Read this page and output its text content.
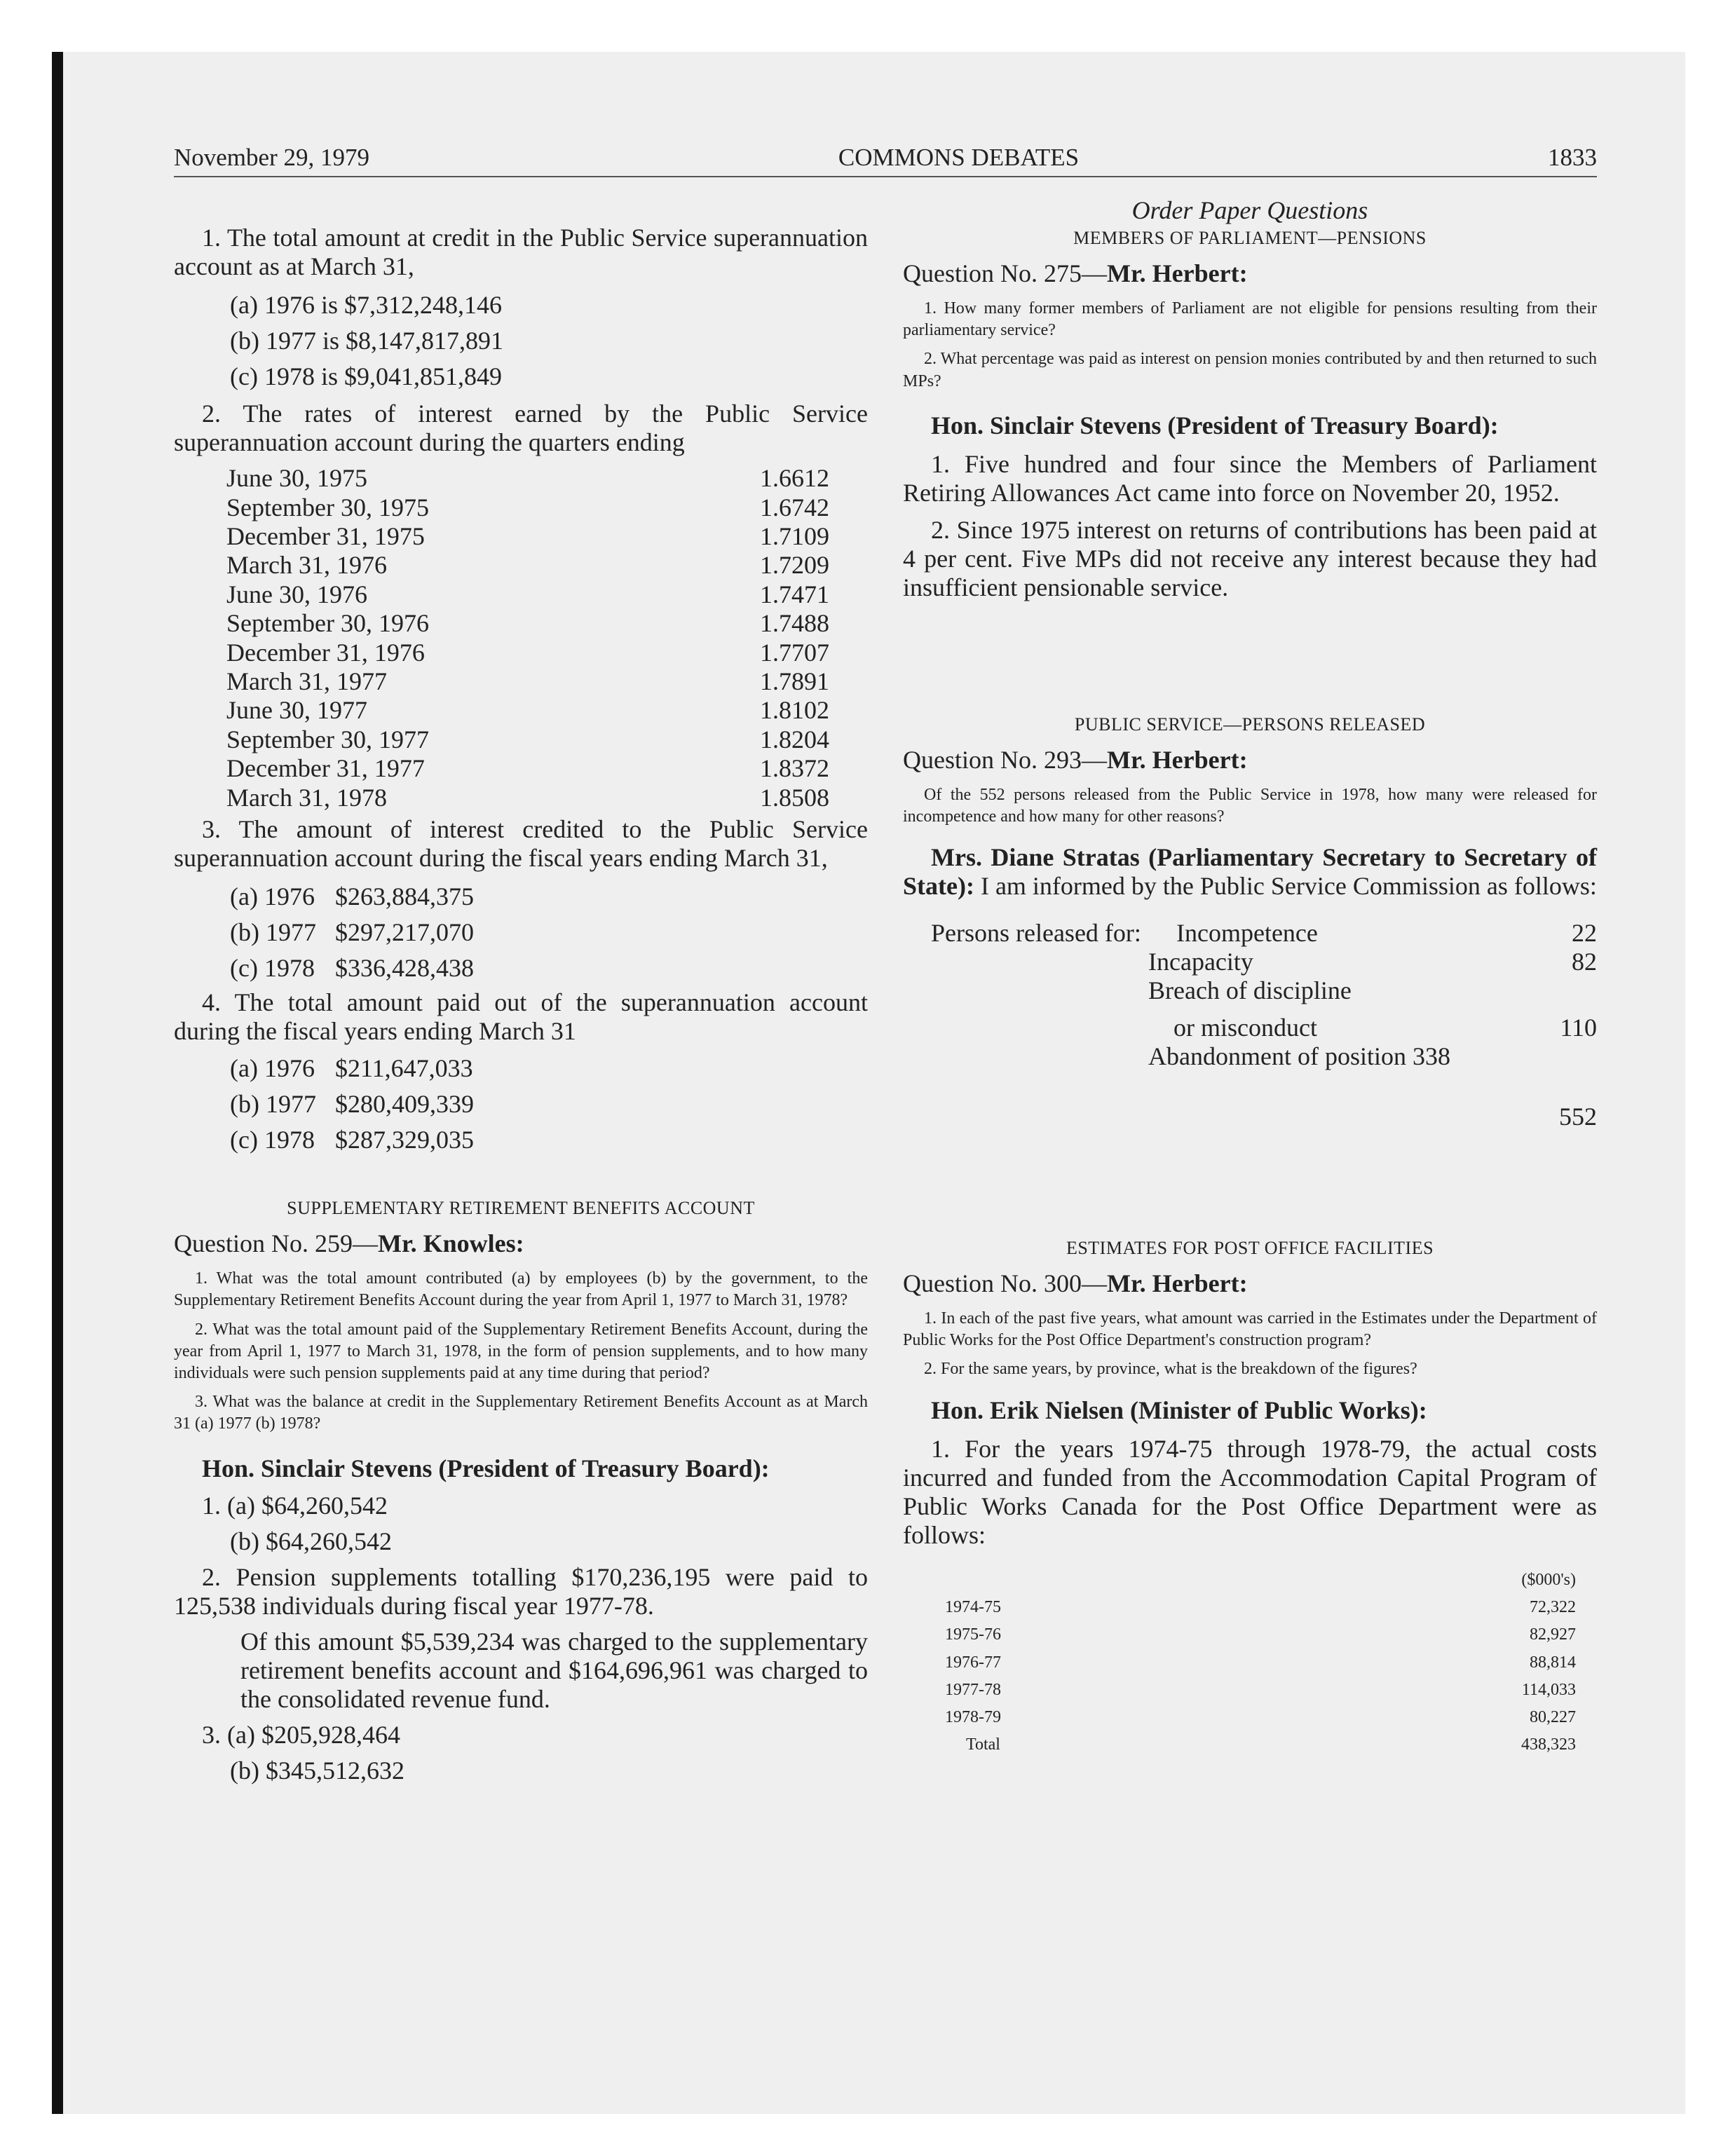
November 29, 1979	COMMONS DEBATES	1833

1. The total amount at credit in the Public Service superannuation account as at March 31,

(a) 1976 is $7,312,248,146

(b) 1977 is $8,147,817,891

(c) 1978 is $9,041,851,849

2. The rates of interest earned by the Public Service superannuation account during the quarters ending

June 30, 1975	1.6612
September 30, 1975	1.6742
December 31, 1975	1.7109
March 31, 1976	1.7209
June 30, 1976	1.7471
September 30, 1976	1.7488
December 31, 1976	1.7707
March 31, 1977	1.7891
June 30, 1977	1.8102
September 30, 1977	1.8204
December 31, 1977	1.8372
March 31, 1978	1.8508

3. The amount of interest credited to the Public Service superannuation account during the fiscal years ending March 31,

(a) 1976 $263,884,375
(b) 1977 $297,217,070
(c) 1978 $336,428,438

4. The total amount paid out of the superannuation account during the fiscal years ending March 31

(a) 1976 $211,647,033
(b) 1977 $280,409,339
(c) 1978 $287,329,035

SUPPLEMENTARY RETIREMENT BENEFITS ACCOUNT

Question No. 259—Mr. Knowles:

1. What was the total amount contributed (a) by employees (b) by the government, to the Supplementary Retirement Benefits Account during the year from April 1, 1977 to March 31, 1978?

2. What was the total amount paid of the Supplementary Retirement Benefits Account, during the year from April 1, 1977 to March 31, 1978, in the form of pension supplements, and to how many individuals were such pension supplements paid at any time during that period?

3. What was the balance at credit in the Supplementary Retirement Benefits Account as at March 31 (a) 1977 (b) 1978?

Hon. Sinclair Stevens (President of Treasury Board):

1. (a) $64,260,542

(b) $64,260,542

2. Pension supplements totalling $170,236,195 were paid to 125,538 individuals during fiscal year 1977-78.

Of this amount $5,539,234 was charged to the supplementary retirement benefits account and $164,696,961 was charged to the consolidated revenue fund.

3. (a) $205,928,464

(b) $345,512,632

Order Paper Questions

MEMBERS OF PARLIAMENT—PENSIONS

Question No. 275—Mr. Herbert:

1. How many former members of Parliament are not eligible for pensions resulting from their parliamentary service?

2. What percentage was paid as interest on pension monies contributed by and then returned to such MPs?

Hon. Sinclair Stevens (President of Treasury Board):

1. Five hundred and four since the Members of Parliament Retiring Allowances Act came into force on November 20, 1952.

2. Since 1975 interest on returns of contributions has been paid at 4 per cent. Five MPs did not receive any interest because they had insufficient pensionable service.

PUBLIC SERVICE—PERSONS RELEASED

Question No. 293—Mr. Herbert:

Of the 552 persons released from the Public Service in 1978, how many were released for incompetence and how many for other reasons?

Mrs. Diane Stratas (Parliamentary Secretary to Secretary of State): I am informed by the Public Service Commission as follows:

Persons released for:	Incompetence	22
Incapacity	82
Breach of discipline
or misconduct	110
Abandonment of position 338
552

ESTIMATES FOR POST OFFICE FACILITIES

Question No. 300—Mr. Herbert:

1. In each of the past five years, what amount was carried in the Estimates under the Department of Public Works for the Post Office Department's construction program?

2. For the same years, by province, what is the breakdown of the figures?

Hon. Erik Nielsen (Minister of Public Works):

1. For the years 1974-75 through 1978-79, the actual costs incurred and funded from the Accommodation Capital Program of Public Works Canada for the Post Office Department were as follows:

($000's)
1974-75	72,322
1975-76	82,927
1976-77	88,814
1977-78	114,033
1978-79	80,227
Total	438,323
